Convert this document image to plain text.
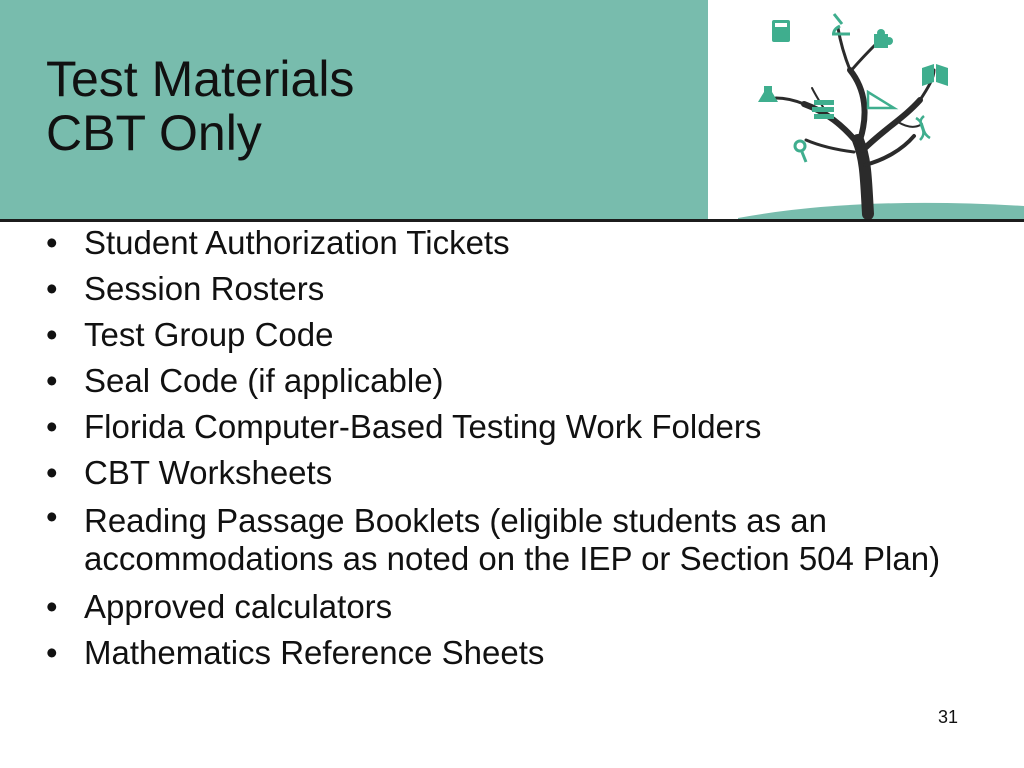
Test Materials
CBT Only
• Student Authorization Tickets
• Session Rosters
• Test Group Code
• Seal Code (if applicable)
• Florida Computer-Based Testing Work Folders
• CBT Worksheets
• Reading Passage Booklets (eligible students as an accommodations as noted on the IEP or Section 504 Plan)
• Approved calculators
• Mathematics Reference Sheets
31
